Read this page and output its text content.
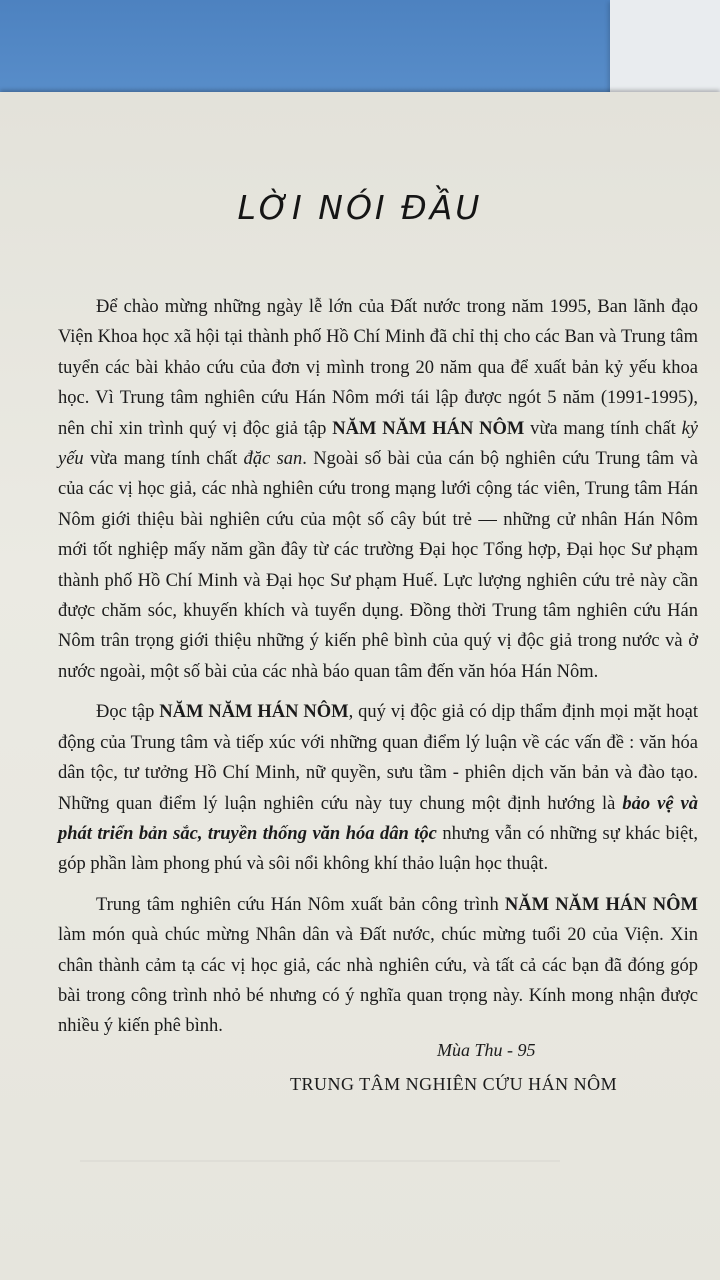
LỜI NÓI ĐẦU

Để chào mừng những ngày lễ lớn của Đất nước trong năm 1995, Ban lãnh đạo Viện Khoa học xã hội tại thành phố Hồ Chí Minh đã chỉ thị cho các Ban và Trung tâm tuyển các bài khảo cứu của đơn vị mình trong 20 năm qua để xuất bản kỷ yếu khoa học. Vì Trung tâm nghiên cứu Hán Nôm mới tái lập được ngót 5 năm (1991-1995), nên chỉ xin trình quý vị độc giả tập NĂM NĂM HÁN NÔM vừa mang tính chất kỷ yếu vừa mang tính chất đặc san. Ngoài số bài của cán bộ nghiên cứu Trung tâm và của các vị học giả, các nhà nghiên cứu trong mạng lưới cộng tác viên, Trung tâm Hán Nôm giới thiệu bài nghiên cứu của một số cây bút trẻ — những cử nhân Hán Nôm mới tốt nghiệp mấy năm gần đây từ các trường Đại học Tổng hợp, Đại học Sư phạm thành phố Hồ Chí Minh và Đại học Sư phạm Huế. Lực lượng nghiên cứu trẻ này cần được chăm sóc, khuyến khích và tuyển dụng. Đồng thời Trung tâm nghiên cứu Hán Nôm trân trọng giới thiệu những ý kiến phê bình của quý vị độc giả trong nước và ở nước ngoài, một số bài của các nhà báo quan tâm đến văn hóa Hán Nôm.

Đọc tập NĂM NĂM HÁN NÔM, quý vị độc giả có dịp thẩm định mọi mặt hoạt động của Trung tâm và tiếp xúc với những quan điểm lý luận về các vấn đề : văn hóa dân tộc, tư tưởng Hồ Chí Minh, nữ quyền, sưu tầm - phiên dịch văn bản và đào tạo. Những quan điểm lý luận nghiên cứu này tuy chung một định hướng là bảo vệ và phát triển bản sắc, truyền thống văn hóa dân tộc nhưng vẫn có những sự khác biệt, góp phần làm phong phú và sôi nổi không khí thảo luận học thuật.

Trung tâm nghiên cứu Hán Nôm xuất bản công trình NĂM NĂM HÁN NÔM làm món quà chúc mừng Nhân dân và Đất nước, chúc mừng tuổi 20 của Viện. Xin chân thành cảm tạ các vị học giả, các nhà nghiên cứu, và tất cả các bạn đã đóng góp bài trong công trình nhỏ bé nhưng có ý nghĩa quan trọng này. Kính mong nhận được nhiều ý kiến phê bình.

Mùa Thu - 95
TRUNG TÂM NGHIÊN CỨU HÁN NÔM
